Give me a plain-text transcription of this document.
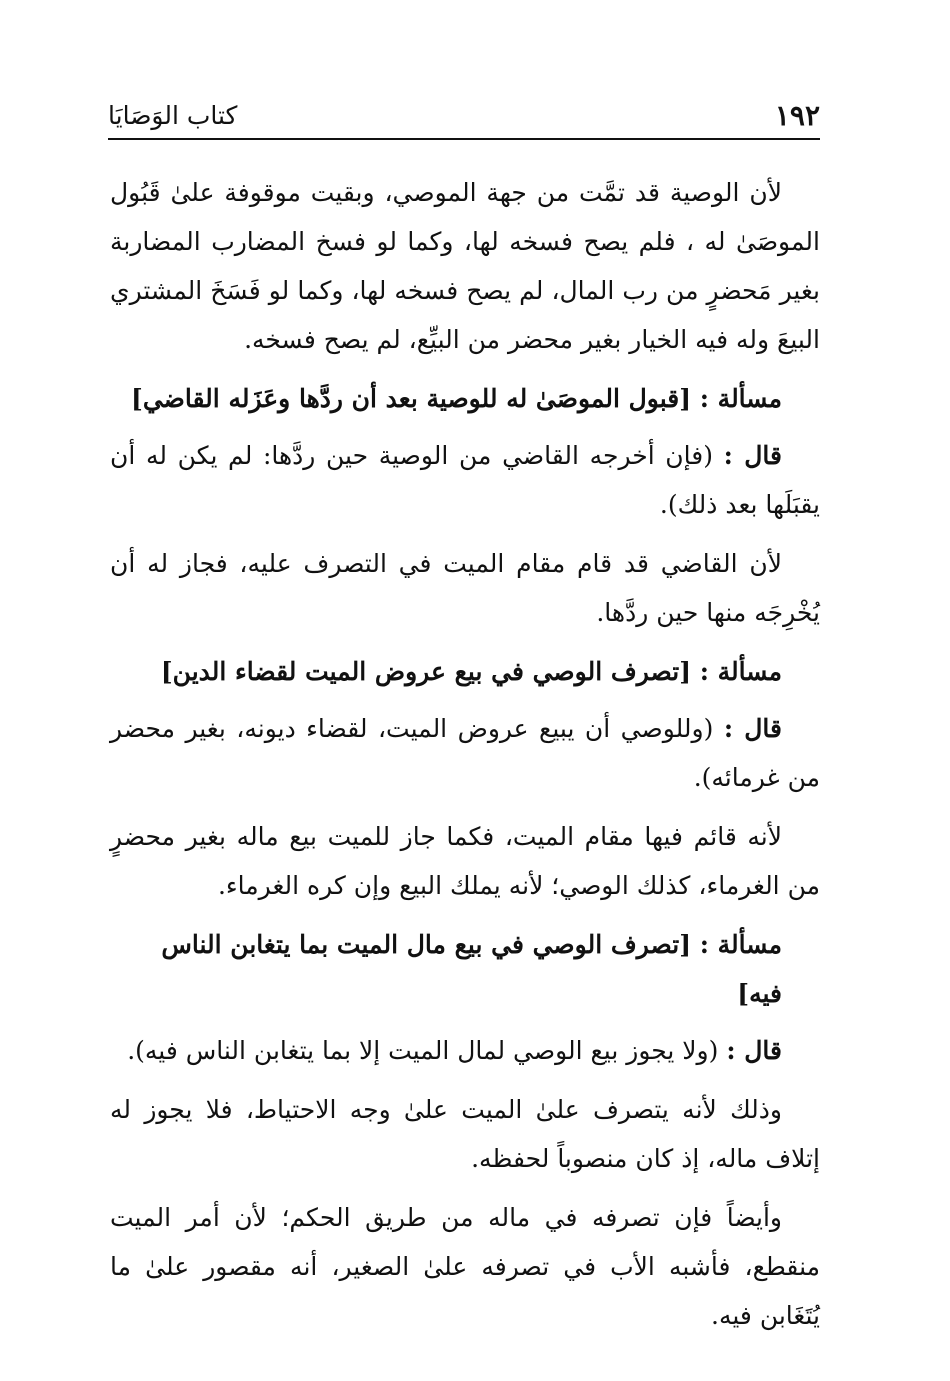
١٩٢
كتاب الوَصَايَا

لأن الوصية قد تمَّت من جهة الموصي، وبقيت موقوفة علىٰ قَبُول الموصَىٰ له ، فلم يصح فسخه لها، وكما لو فسخ المضارب المضاربة بغير مَحضرٍ من رب المال، لم يصح فسخه لها، وكما لو فَسَخَ المشتري البيعَ وله فيه الخيار بغير محضر من البيِّع، لم يصح فسخه.

مسألة : [قبول الموصَىٰ له للوصية بعد أن ردَّها وعَزَله القاضي]

قال : (فإن أخرجه القاضي من الوصية حين ردَّها: لم يكن له أن يقبَلَها بعد ذلك).

لأن القاضي قد قام مقام الميت في التصرف عليه، فجاز له أن يُخْرِجَه منها حين ردَّها.

مسألة : [تصرف الوصي في بيع عروض الميت لقضاء الدين]

قال : (وللوصي أن يبيع عروض الميت، لقضاء ديونه، بغير محضر من غرمائه).

لأنه قائم فيها مقام الميت، فكما جاز للميت بيع ماله بغير محضرٍ من الغرماء، كذلك الوصي؛ لأنه يملك البيع وإن كره الغرماء.

مسألة : [تصرف الوصي في بيع مال الميت بما يتغابن الناس فيه]

قال : (ولا يجوز بيع الوصي لمال الميت إلا بما يتغابن الناس فيه).

وذلك لأنه يتصرف علىٰ الميت علىٰ وجه الاحتياط، فلا يجوز له إتلاف ماله، إذ كان منصوباً لحفظه.

وأيضاً فإن تصرفه في ماله من طريق الحكم؛ لأن أمر الميت منقطع، فأشبه الأب في تصرفه علىٰ الصغير، أنه مقصور علىٰ ما يُتَغَابن فيه.
